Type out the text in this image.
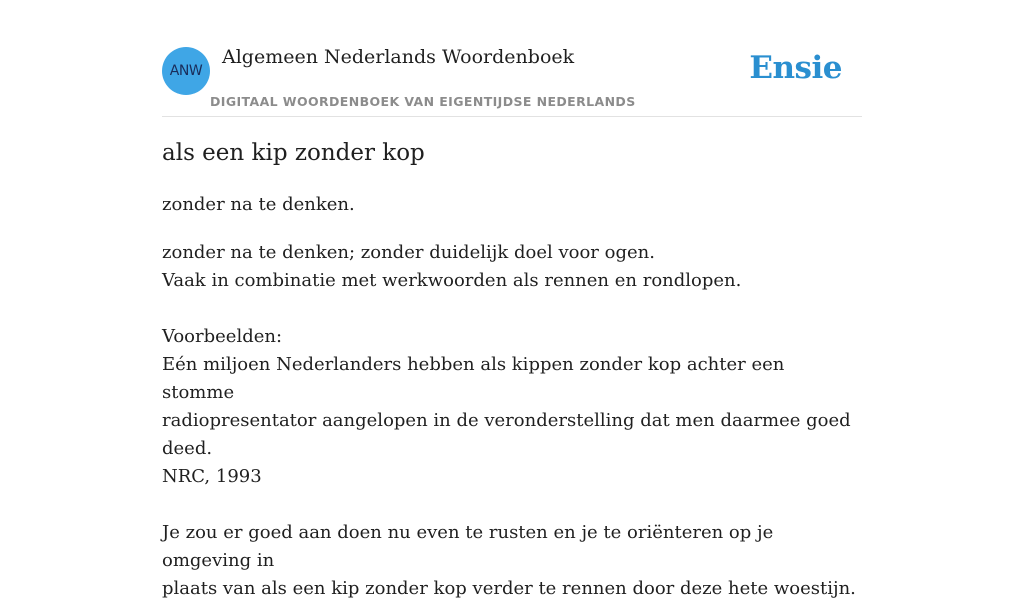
ANW
Algemeen Nederlands Woordenboek
DIGITAAL WOORDENBOEK VAN EIGENTIJDSE NEDERLANDS
Ensie
als een kip zonder kop
zonder na te denken.

zonder na te denken; zonder duidelijk doel voor ogen.

Vaak in combinatie met werkwoorden als rennen en rondlopen.

Voorbeelden:

Eén miljoen Nederlanders hebben als kippen zonder kop achter een stomme

radiopresentator aangelopen in de veronderstelling dat men daarmee goed deed.

NRC, 1993

Je zou er goed aan doen nu even te rusten en je te oriënteren op je omgeving in

plaats van als een kip zonder kop verder te rennen door deze hete woestijn.
